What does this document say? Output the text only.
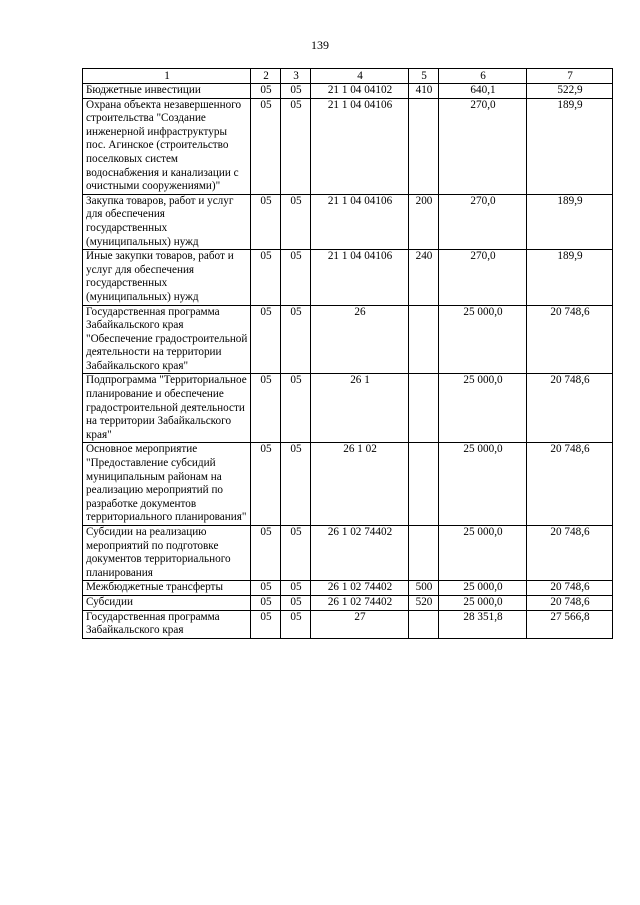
139
1	2	3	4	5	6	7
Бюджетные инвестиции	05	05	21 1 04 04102	410	640,1	522,9
Охрана объекта незавершенного строительства "Создание инженерной инфраструктуры пос. Агинское (строительство поселковых систем водоснабжения и канализации с очистными сооружениями)"	05	05	21 1 04 04106		270,0	189,9
Закупка товаров, работ и услуг для обеспечения государственных (муниципальных) нужд	05	05	21 1 04 04106	200	270,0	189,9
Иные закупки товаров, работ и услуг для обеспечения государственных (муниципальных) нужд	05	05	21 1 04 04106	240	270,0	189,9
Государственная программа Забайкальского края "Обеспечение градостроительной деятельности на территории Забайкальского края"	05	05	26		25 000,0	20 748,6
Подпрограмма "Территориальное планирование и обеспечение градостроительной деятельности на территории Забайкальского края"	05	05	26 1		25 000,0	20 748,6
Основное мероприятие "Предоставление субсидий муниципальным районам на реализацию мероприятий по разработке документов территориального планирования"	05	05	26 1 02		25 000,0	20 748,6
Субсидии на реализацию мероприятий по подготовке документов территориального планирования	05	05	26 1 02 74402		25 000,0	20 748,6
Межбюджетные трансферты	05	05	26 1 02 74402	500	25 000,0	20 748,6
Субсидии	05	05	26 1 02 74402	520	25 000,0	20 748,6
Государственная программа Забайкальского края	05	05	27		28 351,8	27 566,8
